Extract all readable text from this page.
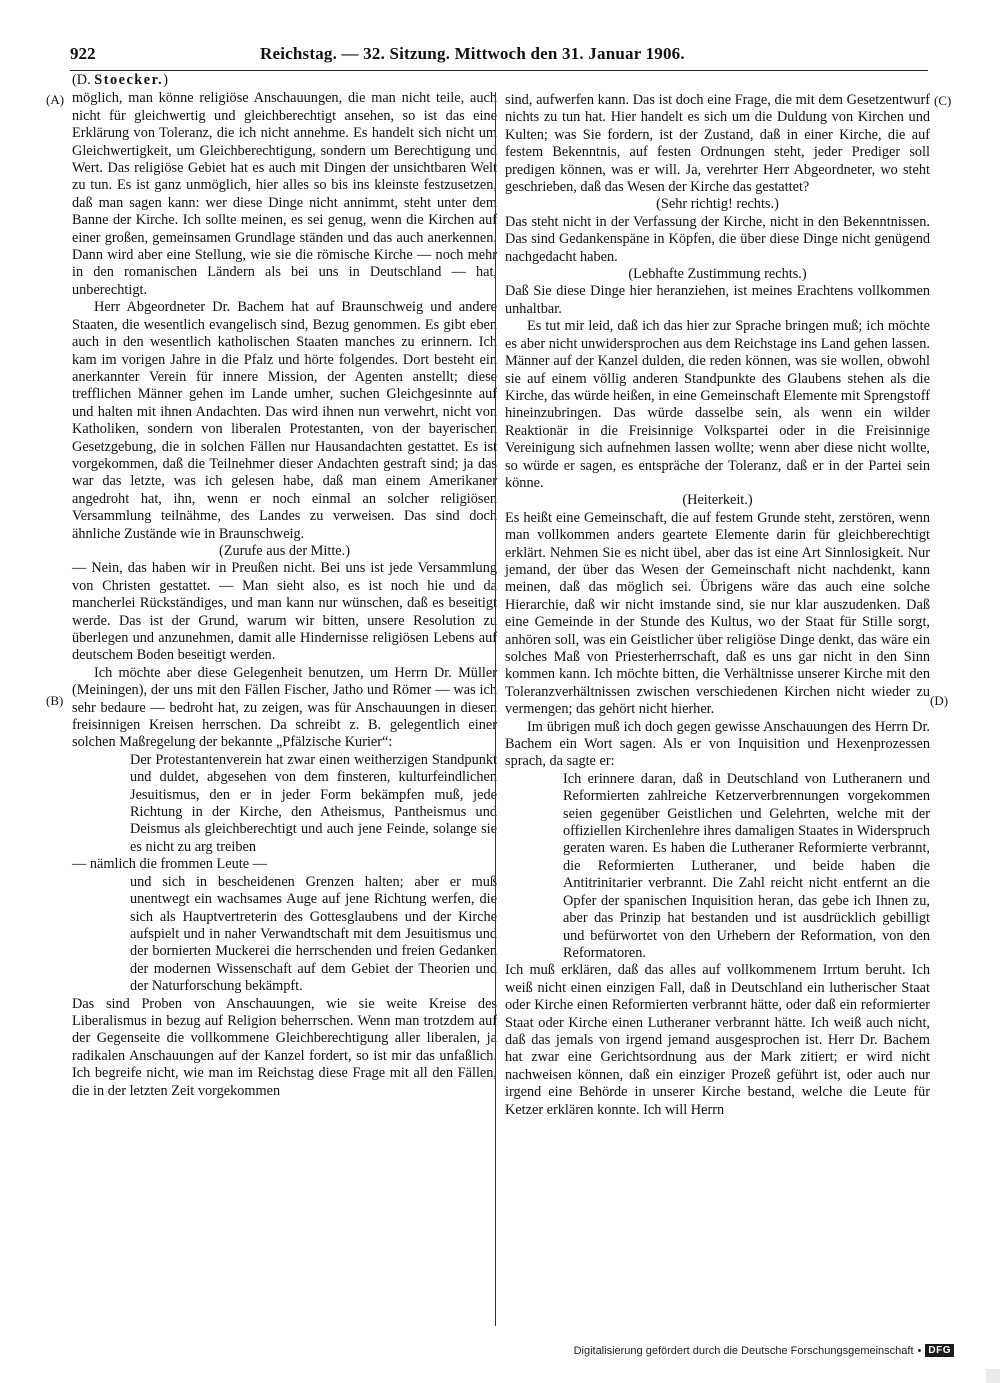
922	Reichstag. — 32. Sitzung. Mittwoch den 31. Januar 1906.
(A)
(B)
(C)
(D)
(D. Stoecker.)

möglich, man könne religiöse Anschauungen, die man nicht teile, auch nicht für gleichwertig und gleichberechtigt ansehen, so ist das eine Erklärung von Toleranz, die ich nicht annehme. Es handelt sich nicht um Gleichwertigkeit, um Gleichberechtigung, sondern um Berechtigung und Wert. Das religiöse Gebiet hat es auch mit Dingen der unsichtbaren Welt zu tun. Es ist ganz unmöglich, hier alles so bis ins kleinste festzusetzen, daß man sagen kann: wer diese Dinge nicht annimmt, steht unter dem Banne der Kirche. Ich sollte meinen, es sei genug, wenn die Kirchen auf einer großen, gemeinsamen Grundlage ständen und das auch anerkennen. Dann wird aber eine Stellung, wie sie die römische Kirche — noch mehr in den romanischen Ländern als bei uns in Deutschland — hat, unberechtigt.

Herr Abgeordneter Dr. Bachem hat auf Braunschweig und andere Staaten, die wesentlich evangelisch sind, Bezug genommen. Es gibt eben auch in den wesentlich katholischen Staaten manches zu erinnern. Ich kam im vorigen Jahre in die Pfalz und hörte folgendes. Dort besteht ein anerkannter Verein für innere Mission, der Agenten anstellt; diese trefflichen Männer gehen im Lande umher, suchen Gleichgesinnte auf und halten mit ihnen Andachten. Das wird ihnen nun verwehrt, nicht von Katholiken, sondern von liberalen Protestanten, von der bayerischen Gesetzgebung, die in solchen Fällen nur Hausandachten gestattet. Es ist vorgekommen, daß die Teilnehmer dieser Andachten gestraft sind; ja das war das letzte, was ich gelesen habe, daß man einem Amerikaner angedroht hat, ihn, wenn er noch einmal an solcher religiösen Versammlung teilnähme, des Landes zu verweisen. Das sind doch ähnliche Zustände wie in Braunschweig.

(Zurufe aus der Mitte.)

— Nein, das haben wir in Preußen nicht. Bei uns ist jede Versammlung von Christen gestattet. — Man sieht also, es ist noch hie und da mancherlei Rückständiges, und man kann nur wünschen, daß es beseitigt werde. Das ist der Grund, warum wir bitten, unsere Resolution zu überlegen und anzunehmen, damit alle Hindernisse religiösen Lebens auf deutschem Boden beseitigt werden.

Ich möchte aber diese Gelegenheit benutzen, um Herrn Dr. Müller (Meiningen), der uns mit den Fällen Fischer, Jatho und Römer — was ich sehr bedaure — bedroht hat, zu zeigen, was für Anschauungen in diesen freisinnigen Kreisen herrschen. Da schreibt z. B. gelegentlich einer solchen Maßregelung der bekannte „Pfälzische Kurier“:

Der Protestantenverein hat zwar einen weitherzigen Standpunkt und duldet, abgesehen von dem finsteren, kulturfeindlichen Jesuitismus, den er in jeder Form bekämpfen muß, jede Richtung in der Kirche, den Atheismus, Pantheismus und Deismus als gleichberechtigt und auch jene Feinde, solange sie es nicht zu arg treiben

— nämlich die frommen Leute —

und sich in bescheidenen Grenzen halten; aber er muß unentwegt ein wachsames Auge auf jene Richtung werfen, die sich als Hauptvertreterin des Gottesglaubens und der Kirche aufspielt und in naher Verwandtschaft mit dem Jesuitismus und der bornierten Muckerei die herrschenden und freien Gedanken der modernen Wissenschaft auf dem Gebiet der Theorien und der Naturforschung bekämpft.

Das sind Proben von Anschauungen, wie sie weite Kreise des Liberalismus in bezug auf Religion beherrschen. Wenn man trotzdem auf der Gegenseite die vollkommene Gleichberechtigung aller liberalen, ja radikalen Anschauungen auf der Kanzel fordert, so ist mir das unfaßlich. Ich begreife nicht, wie man im Reichstag diese Frage mit all den Fällen, die in der letzten Zeit vorgekommen

sind, aufwerfen kann. Das ist doch eine Frage, die mit dem Gesetzentwurf nichts zu tun hat. Hier handelt es sich um die Duldung von Kirchen und Kulten; was Sie fordern, ist der Zustand, daß in einer Kirche, die auf festem Bekenntnis, auf festen Ordnungen steht, jeder Prediger soll predigen können, was er will. Ja, verehrter Herr Abgeordneter, wo steht geschrieben, daß das Wesen der Kirche das gestattet?

(Sehr richtig! rechts.)

Das steht nicht in der Verfassung der Kirche, nicht in den Bekenntnissen. Das sind Gedankenspäne in Köpfen, die über diese Dinge nicht genügend nachgedacht haben.

(Lebhafte Zustimmung rechts.)

Daß Sie diese Dinge hier heranziehen, ist meines Erachtens vollkommen unhaltbar.

Es tut mir leid, daß ich das hier zur Sprache bringen muß; ich möchte es aber nicht unwidersprochen aus dem Reichstage ins Land gehen lassen. Männer auf der Kanzel dulden, die reden können, was sie wollen, obwohl sie auf einem völlig anderen Standpunkte des Glaubens stehen als die Kirche, das würde heißen, in eine Gemeinschaft Elemente mit Sprengstoff hineinzubringen. Das würde dasselbe sein, als wenn ein wilder Reaktionär in die Freisinnige Volkspartei oder in die Freisinnige Vereinigung sich aufnehmen lassen wollte; wenn aber diese nicht wollte, so würde er sagen, es entspräche der Toleranz, daß er in der Partei sein könne.

(Heiterkeit.)

Es heißt eine Gemeinschaft, die auf festem Grunde steht, zerstören, wenn man vollkommen anders geartete Elemente darin für gleichberechtigt erklärt. Nehmen Sie es nicht übel, aber das ist eine Art Sinnlosigkeit. Nur jemand, der über das Wesen der Gemeinschaft nicht nachdenkt, kann meinen, daß das möglich sei. Übrigens wäre das auch eine solche Hierarchie, daß wir nicht imstande sind, sie nur klar auszudenken. Daß eine Gemeinde in der Stunde des Kultus, wo der Staat für Stille sorgt, anhören soll, was ein Geistlicher über religiöse Dinge denkt, das wäre ein solches Maß von Priesterherrschaft, daß es uns gar nicht in den Sinn kommen kann. Ich möchte bitten, die Verhältnisse unserer Kirche mit den Toleranzverhältnissen zwischen verschiedenen Kirchen nicht wieder zu vermengen; das gehört nicht hierher.

Im übrigen muß ich doch gegen gewisse Anschauungen des Herrn Dr. Bachem ein Wort sagen. Als er von Inquisition und Hexenprozessen sprach, da sagte er:

Ich erinnere daran, daß in Deutschland von Lutheranern und Reformierten zahlreiche Ketzerverbrennungen vorgekommen seien gegenüber Geistlichen und Gelehrten, welche mit der offiziellen Kirchenlehre ihres damaligen Staates in Widerspruch geraten waren. Es haben die Lutheraner Reformierte verbrannt, die Reformierten Lutheraner, und beide haben die Antitrinitarier verbrannt. Die Zahl reicht nicht entfernt an die Opfer der spanischen Inquisition heran, das gebe ich Ihnen zu, aber das Prinzip hat bestanden und ist ausdrücklich gebilligt und befürwortet von den Urhebern der Reformation, von den Reformatoren.

Ich muß erklären, daß das alles auf vollkommenem Irrtum beruht. Ich weiß nicht einen einzigen Fall, daß in Deutschland ein lutherischer Staat oder Kirche einen Reformierten verbrannt hätte, oder daß ein reformierter Staat oder Kirche einen Lutheraner verbrannt hätte. Ich weiß auch nicht, daß das jemals von irgend jemand ausgesprochen ist. Herr Dr. Bachem hat zwar eine Gerichtsordnung aus der Mark zitiert; er wird nicht nachweisen können, daß ein einziger Prozeß geführt ist, oder auch nur irgend eine Behörde in unserer Kirche bestand, welche die Leute für Ketzer erklären konnte. Ich will Herrn

Digitalisierung gefördert durch die Deutsche Forschungsgemeinschaft • DFG
